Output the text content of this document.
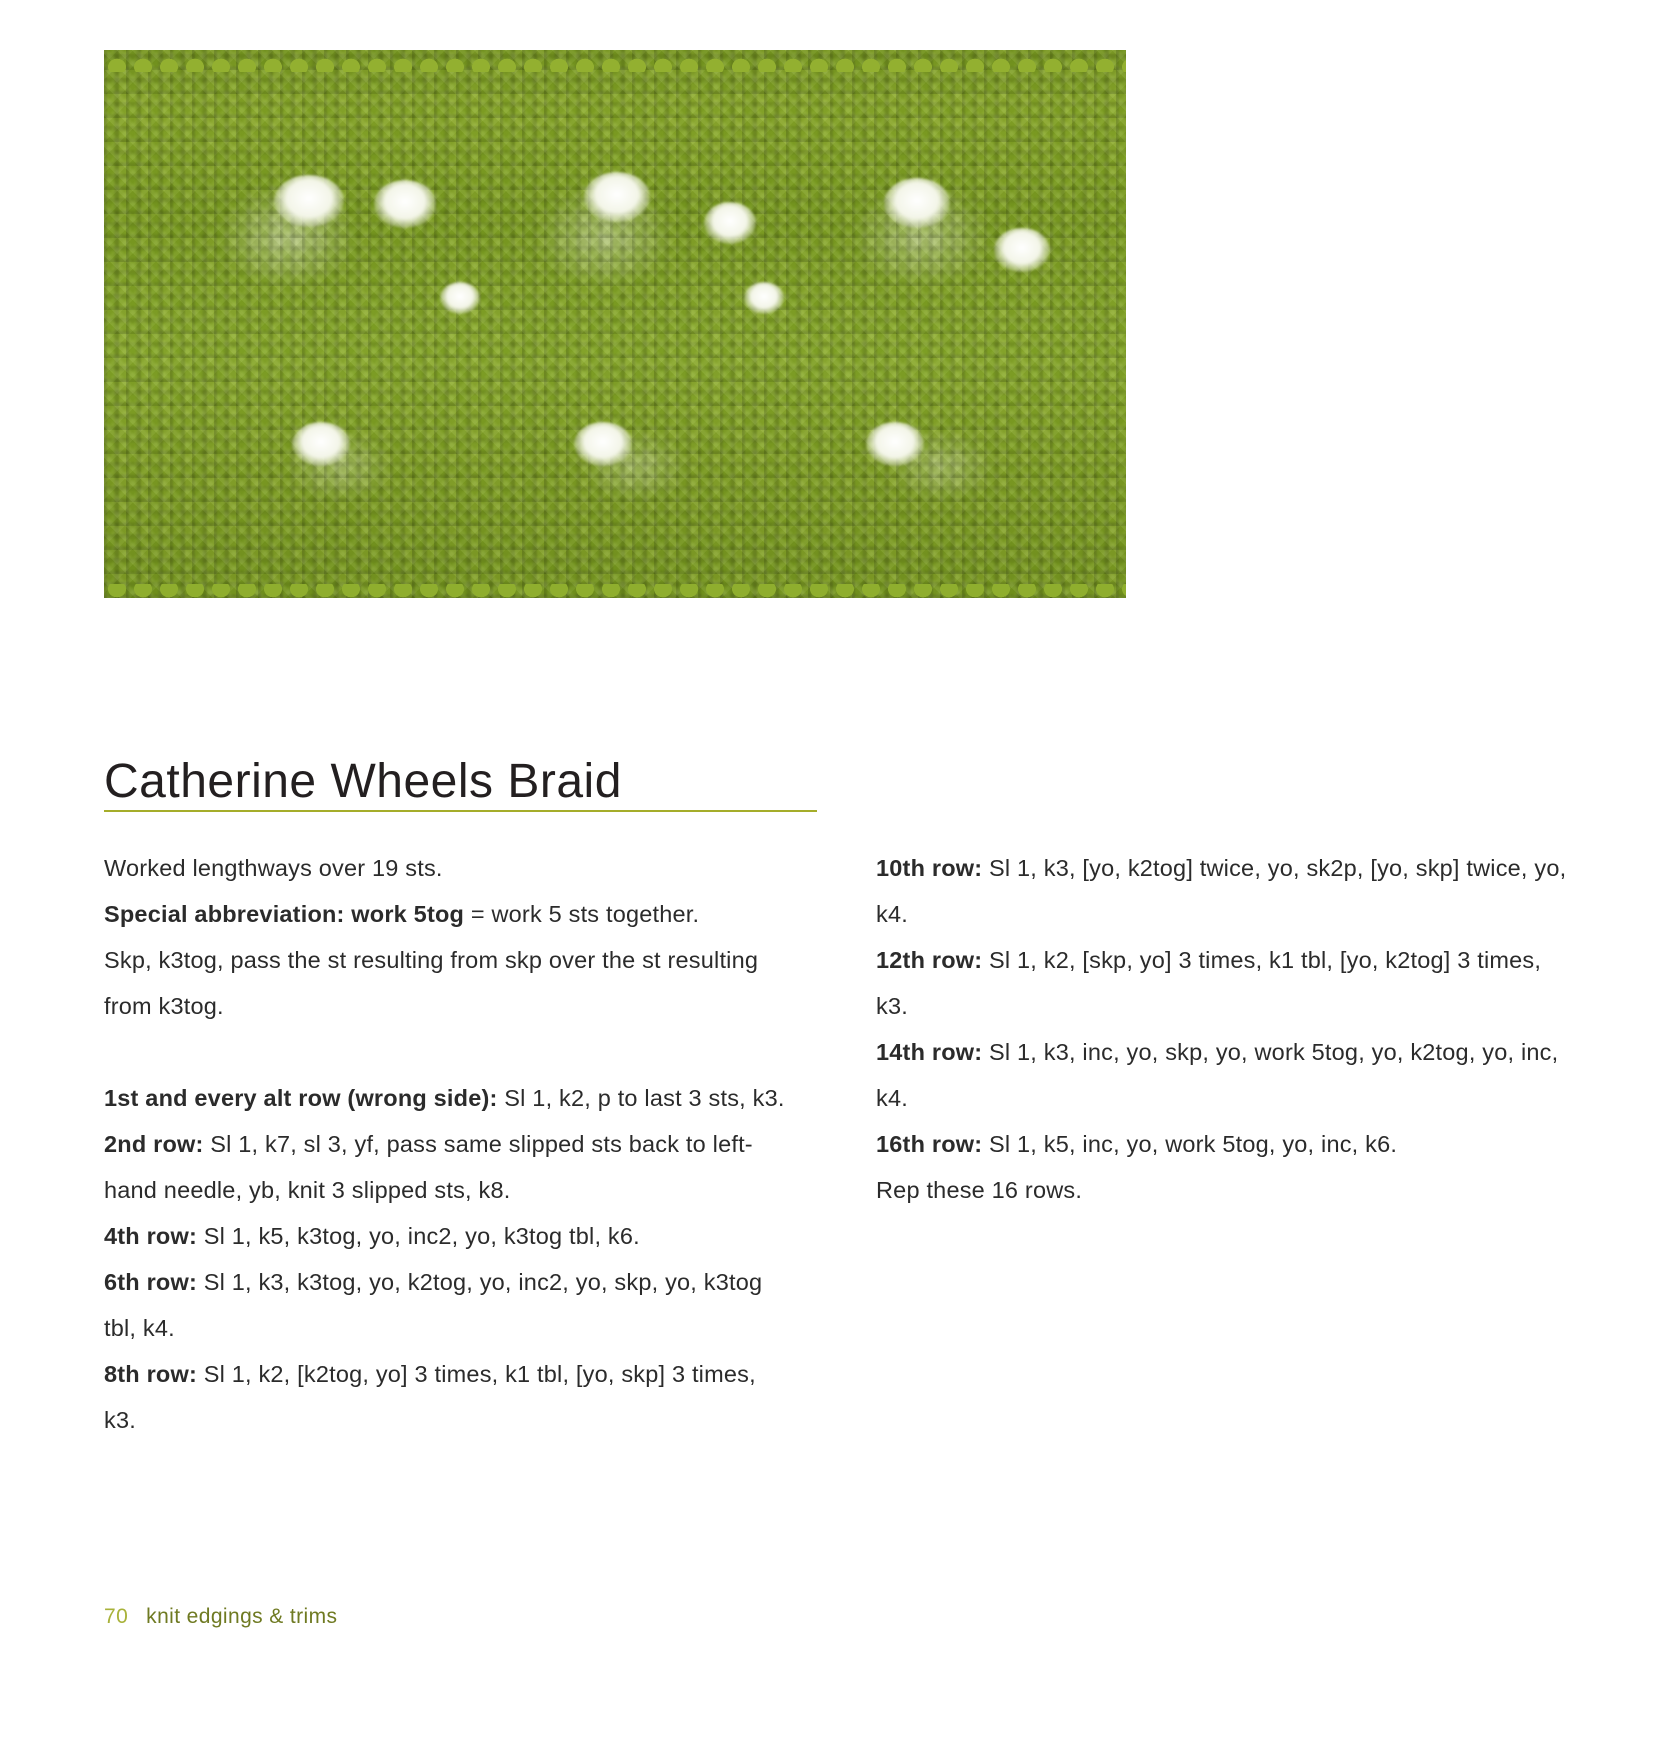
Catherine Wheels Braid

Worked lengthways over 19 sts.

Special abbreviation: work 5tog = work 5 sts together.

Skp, k3tog, pass the st resulting from skp over the st resulting from k3tog.

1st and every alt row (wrong side): Sl 1, k2, p to last 3 sts, k3.

2nd row: Sl 1, k7, sl 3, yf, pass same slipped sts back to left-hand needle, yb, knit 3 slipped sts, k8.

4th row: Sl 1, k5, k3tog, yo, inc2, yo, k3tog tbl, k6.

6th row: Sl 1, k3, k3tog, yo, k2tog, yo, inc2, yo, skp, yo, k3tog tbl, k4.

8th row: Sl 1, k2, [k2tog, yo] 3 times, k1 tbl, [yo, skp] 3 times, k3.

10th row: Sl 1, k3, [yo, k2tog] twice, yo, sk2p, [yo, skp] twice, yo, k4.

12th row: Sl 1, k2, [skp, yo] 3 times, k1 tbl, [yo, k2tog] 3 times, k3.

14th row: Sl 1, k3, inc, yo, skp, yo, work 5tog, yo, k2tog, yo, inc, k4.

16th row: Sl 1, k5, inc, yo, work 5tog, yo, inc, k6.

Rep these 16 rows.

70 knit edgings & trims
